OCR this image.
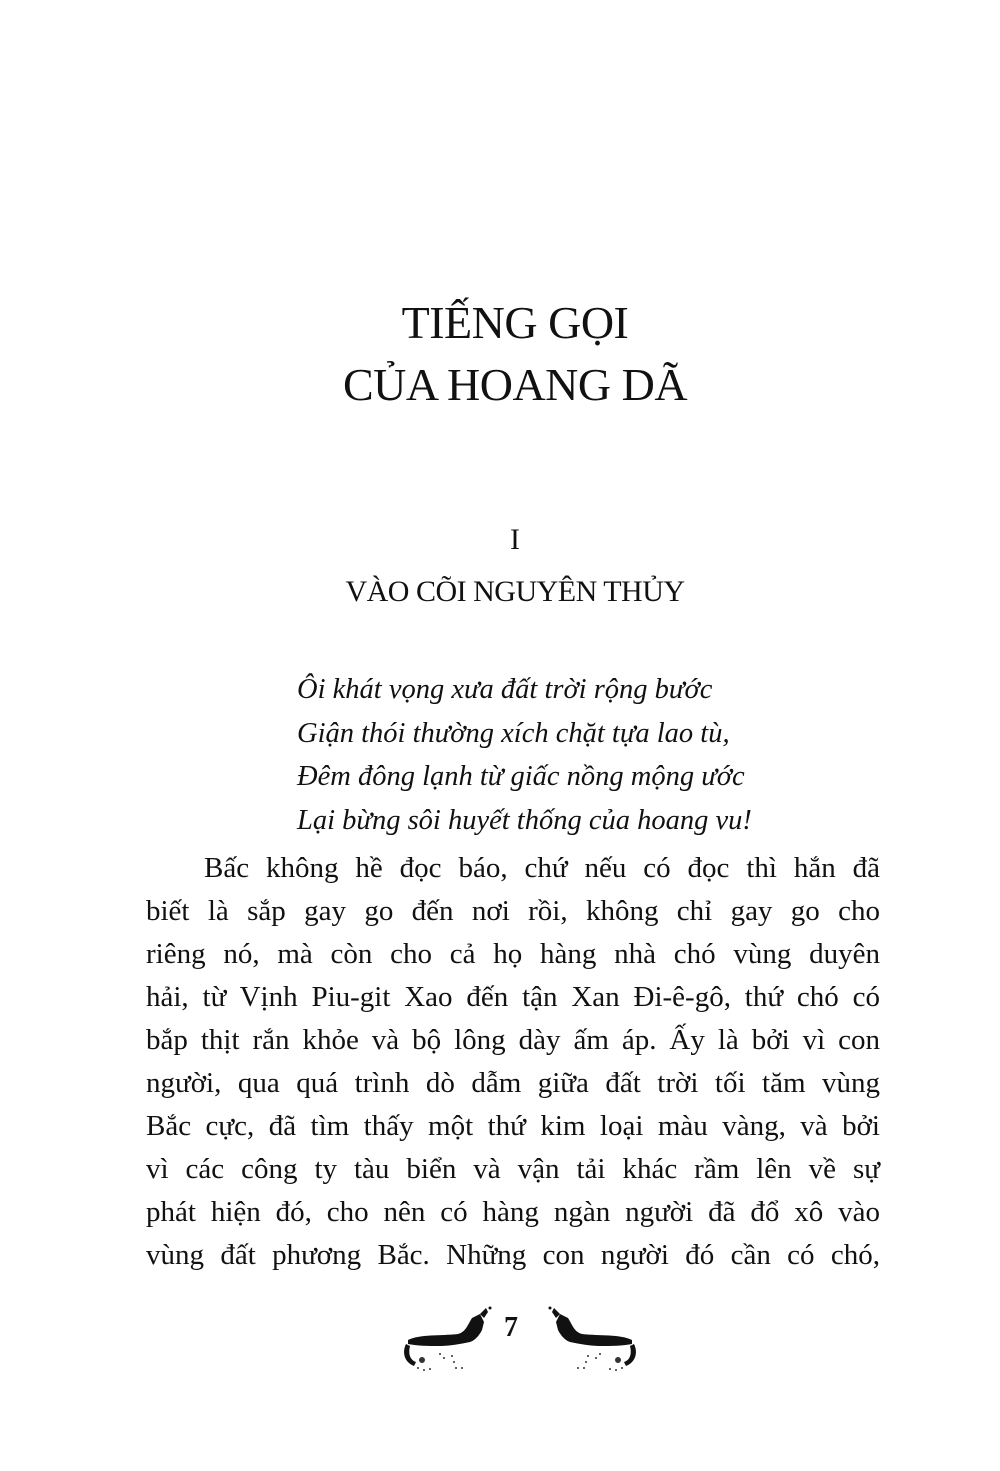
TIẾNG GỌI
CỦA HOANG DÃ
I
VÀO CÕI NGUYÊN THỦY
Ôi khát vọng xưa đất trời rộng bước
Giận thói thường xích chặt tựa lao tù,
Đêm đông lạnh từ giấc nồng mộng ước
Lại bừng sôi huyết thống của hoang vu!
Bấc không hề đọc báo, chứ nếu có đọc thì hắn đã
biết là sắp gay go đến nơi rồi, không chỉ gay go cho
riêng nó, mà còn cho cả họ hàng nhà chó vùng duyên
hải, từ Vịnh Piu-git Xao đến tận Xan Đi-ê-gô, thứ chó có
bắp thịt rắn khỏe và bộ lông dày ấm áp. Ấy là bởi vì con
người, qua quá trình dò dẫm giữa đất trời tối tăm vùng
Bắc cực, đã tìm thấy một thứ kim loại màu vàng, và bởi
vì các công ty tàu biển và vận tải khác rầm lên về sự
phát hiện đó, cho nên có hàng ngàn người đã đổ xô vào
vùng đất phương Bắc. Những con người đó cần có chó,
7
